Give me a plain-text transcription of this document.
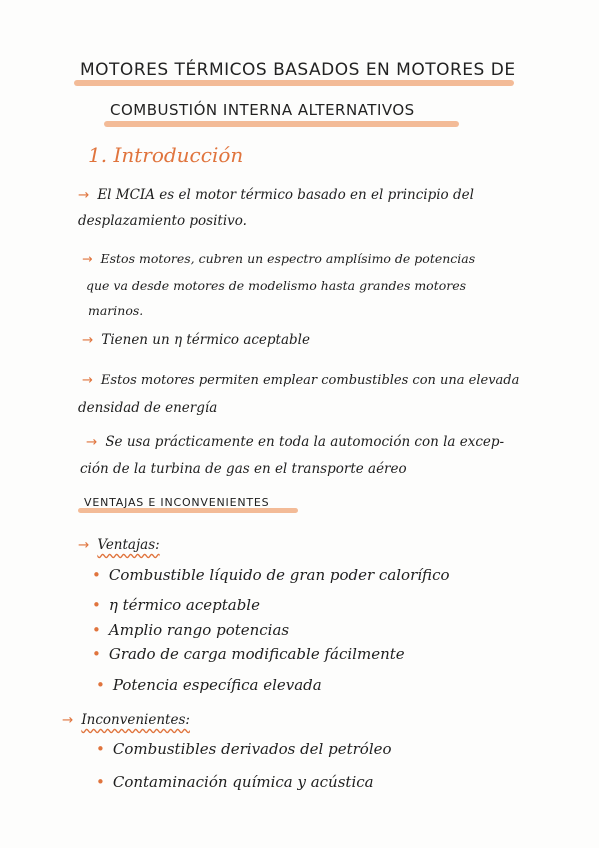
MOTORES TÉRMICOS BASADOS EN MOTORES DE
COMBUSTIÓN INTERNA ALTERNATIVOS
1. Introducción
→ El MCIA es el motor térmico basado en el principio del
desplazamiento positivo.
→ Estos motores, cubren un espectro amplísimo de potencias
que va desde motores de modelismo hasta grandes motores
marinos.
→ Tienen un η térmico aceptable
→ Estos motores permiten emplear combustibles con una elevada
densidad de energía
→ Se usa prácticamente en toda la automoción con la excep-
ción de la turbina de gas en el transporte aéreo
VENTAJAS E INCONVENIENTES
→ Ventajas:
• Combustible líquido de gran poder calorífico
• η térmico aceptable
• Amplio rango potencias
• Grado de carga modificable fácilmente
• Potencia específica elevada
→ Inconvenientes:
• Combustibles derivados del petróleo
• Contaminación química y acústica
